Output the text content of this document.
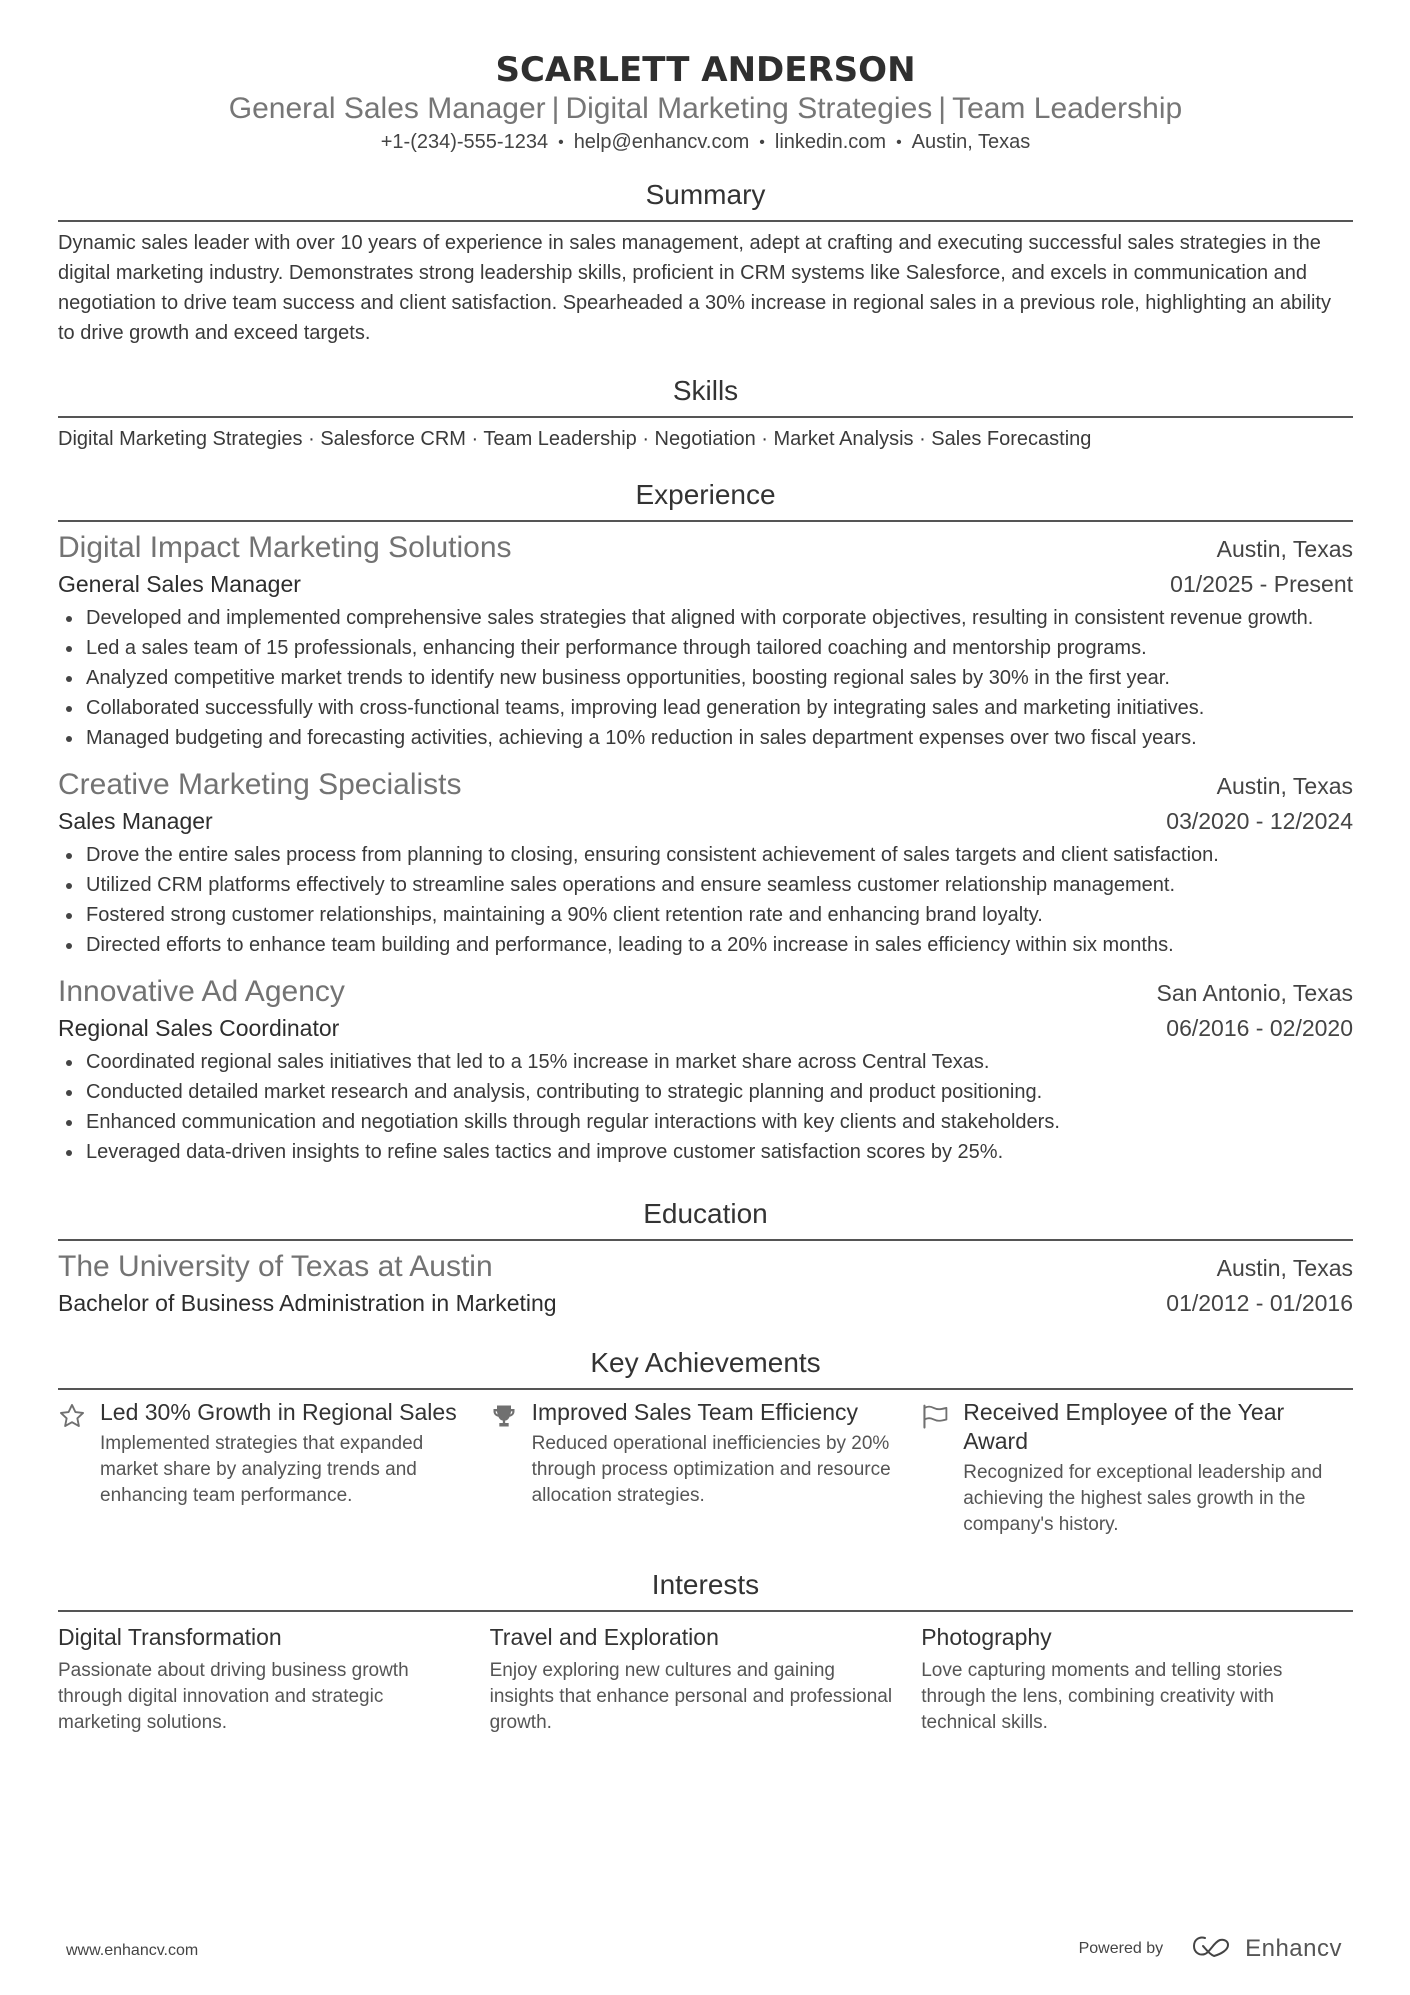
SCARLETT ANDERSON
General Sales Manager | Digital Marketing Strategies | Team Leadership
+1-(234)-555-1234 • help@enhancv.com • linkedin.com • Austin, Texas
Summary

Dynamic sales leader with over 10 years of experience in sales management, adept at crafting and executing successful sales strategies in the digital marketing industry. Demonstrates strong leadership skills, proficient in CRM systems like Salesforce, and excels in communication and negotiation to drive team success and client satisfaction. Spearheaded a 30% increase in regional sales in a previous role, highlighting an ability to drive growth and exceed targets.

Skills

Digital Marketing Strategies · Salesforce CRM · Team Leadership · Negotiation · Market Analysis · Sales Forecasting

Experience
Digital Impact Marketing Solutions	Austin, Texas
General Sales Manager	01/2025 - Present
Developed and implemented comprehensive sales strategies that aligned with corporate objectives, resulting in consistent revenue growth.
Led a sales team of 15 professionals, enhancing their performance through tailored coaching and mentorship programs.
Analyzed competitive market trends to identify new business opportunities, boosting regional sales by 30% in the first year.
Collaborated successfully with cross-functional teams, improving lead generation by integrating sales and marketing initiatives.
Managed budgeting and forecasting activities, achieving a 10% reduction in sales department expenses over two fiscal years.
Creative Marketing Specialists	Austin, Texas
Sales Manager	03/2020 - 12/2024
Drove the entire sales process from planning to closing, ensuring consistent achievement of sales targets and client satisfaction.
Utilized CRM platforms effectively to streamline sales operations and ensure seamless customer relationship management.
Fostered strong customer relationships, maintaining a 90% client retention rate and enhancing brand loyalty.
Directed efforts to enhance team building and performance, leading to a 20% increase in sales efficiency within six months.
Innovative Ad Agency	San Antonio, Texas
Regional Sales Coordinator	06/2016 - 02/2020
Coordinated regional sales initiatives that led to a 15% increase in market share across Central Texas.
Conducted detailed market research and analysis, contributing to strategic planning and product positioning.
Enhanced communication and negotiation skills through regular interactions with key clients and stakeholders.
Leveraged data-driven insights to refine sales tactics and improve customer satisfaction scores by 25%.
Education
The University of Texas at Austin	Austin, Texas
Bachelor of Business Administration in Marketing	01/2012 - 01/2016
Key Achievements
Led 30% Growth in Regional Sales
Implemented strategies that expanded market share by analyzing trends and enhancing team performance.
Improved Sales Team Efficiency
Reduced operational inefficiencies by 20% through process optimization and resource allocation strategies.
Received Employee of the Year Award
Recognized for exceptional leadership and achieving the highest sales growth in the company's history.
Interests
Digital Transformation
Passionate about driving business growth through digital innovation and strategic marketing solutions.
Travel and Exploration
Enjoy exploring new cultures and gaining insights that enhance personal and professional growth.
Photography
Love capturing moments and telling stories through the lens, combining creativity with technical skills.
www.enhancv.com	Powered by	Enhancv
